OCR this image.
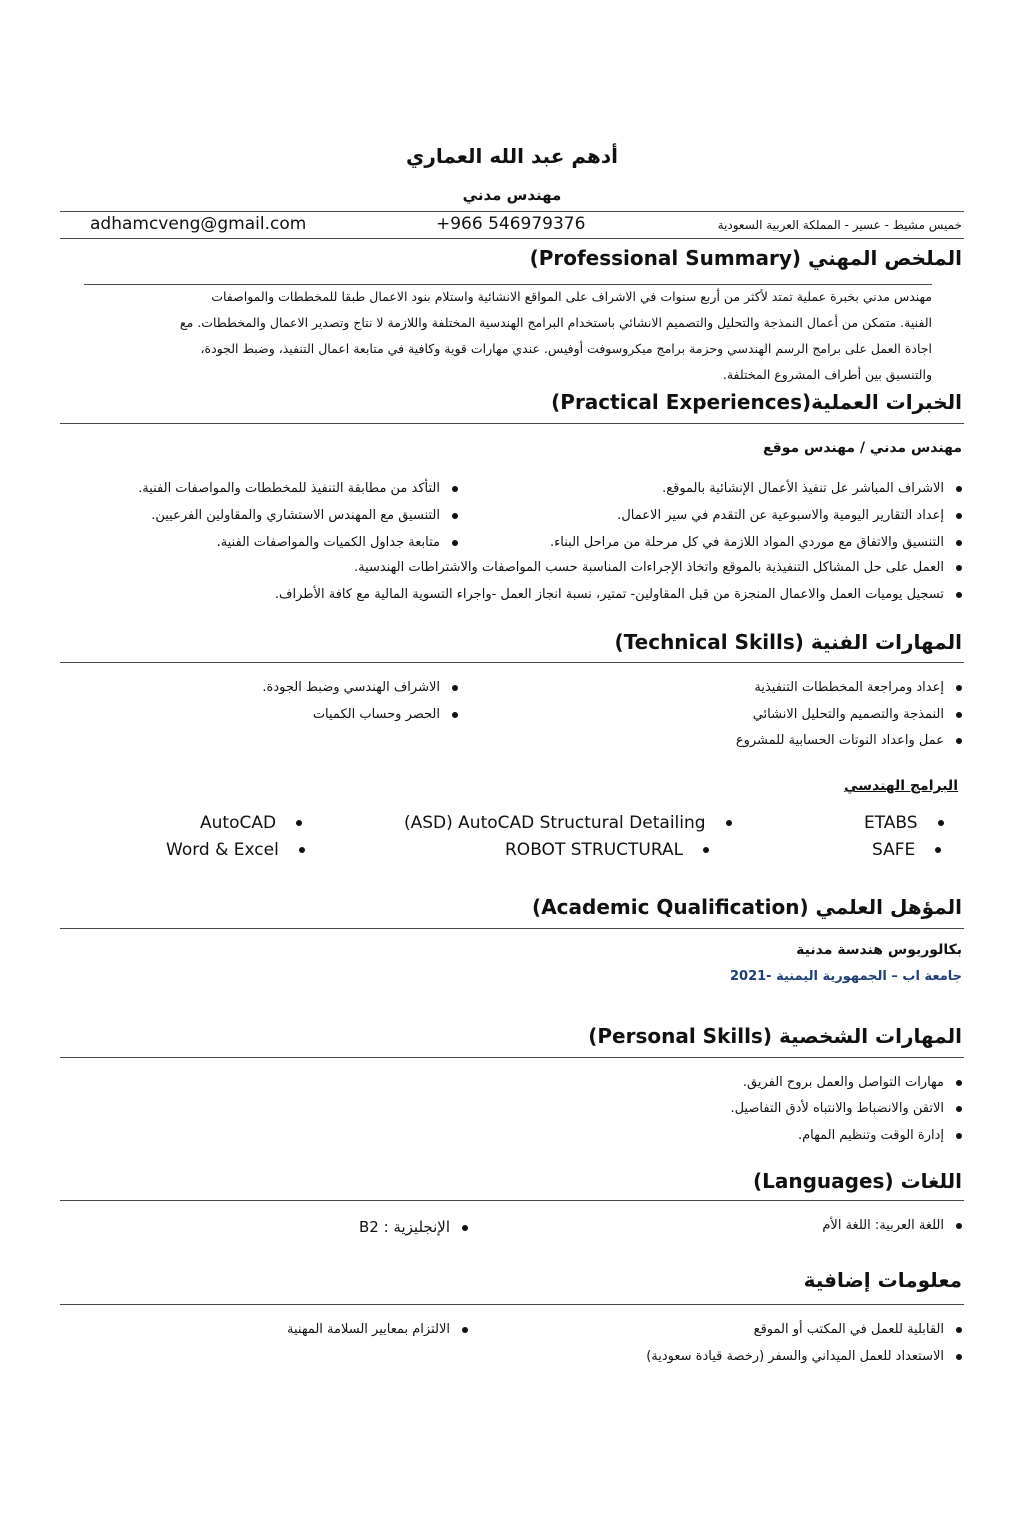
أدهم عبد الله العماري
مهندس مدني
خميس مشيط - عسير - المملكة العربية السعودية
+966 546979376
adhamcveng@gmail.com
الملخص المهني (Professional Summary)
مهندس مدني بخبرة عملية تمتد لأكثر من أربع سنوات في الاشراف على المواقع الانشائية واستلام بنود الاعمال طبقا للمخططات والمواصفات
الفنية. متمكن من أعمال النمذجة والتحليل والتصميم الانشائي باستخدام البرامج الهندسية المختلفة واللازمة لا نتاج وتصدير الاعمال والمخططات. مع
اجادة العمل على برامج الرسم الهندسي وحزمة برامج ميكروسوفت أوفيس. عندي مهارات قوية وكافية في متابعة اعمال التنفيذ، وضبط الجودة،
والتنسيق بين أطراف المشروع المختلفة.
الخبرات العملية(Practical Experiences)
مهندس مدني / مهندس موقع
الاشراف المباشر عل تنفيذ الأعمال الإنشائية بالموقع.
إعداد التقارير اليومية والاسبوعية عن التقدم في سير الاعمال.
التنسيق والاتفاق مع موردي المواد اللازمة في كل مرحلة من مراحل البناء.
التأكد من مطابقة التنفيذ للمخططات والمواصفات الفنية.
التنسيق مع المهندس الاستشاري والمقاولين الفرعيين.
متابعة جداول الكميات والمواصفات الفنية.
العمل على حل المشاكل التنفيذية بالموقع واتخاذ الإجراءات المناسبة حسب المواصفات والاشتراطات الهندسية.
تسجيل يوميات العمل والاعمال المنجزة من قبل المقاولين- تمتير، نسبة انجاز العمل -واجراء التسوية المالية مع كافة الأطراف.
المهارات الفنية (Technical Skills)
إعداد ومراجعة المخططات التنفيذية
النمذجة والتصميم والتحليل الانشائي
عمل واعداد النوتات الحسابية للمشروع
الاشراف الهندسي وضبط الجودة.
الحصر وحساب الكميات
البرامج الهندسي
ETABS
(ASD) AutoCAD Structural Detailing
AutoCAD
SAFE
ROBOT STRUCTURAL
Word & Excel
المؤهل العلمي (Academic Qualification)
بكالوريوس هندسة مدنية
جامعة اب – الجمهورية اليمنية -2021
المهارات الشخصية (Personal Skills)
مهارات التواصل والعمل بروح الفريق.
الاتقن والانضباط والانتباه لأدق التفاصيل.
إدارة الوقت وتنظيم المهام.
اللغات (Languages)
اللغة العربية: اللغة الأم
الإنجليزية : B2
معلومات إضافية
القابلية للعمل في المكتب أو الموقع
الاستعداد للعمل الميداني والسفر (رخصة قيادة سعودية)
الالتزام بمعايير السلامة المهنية
